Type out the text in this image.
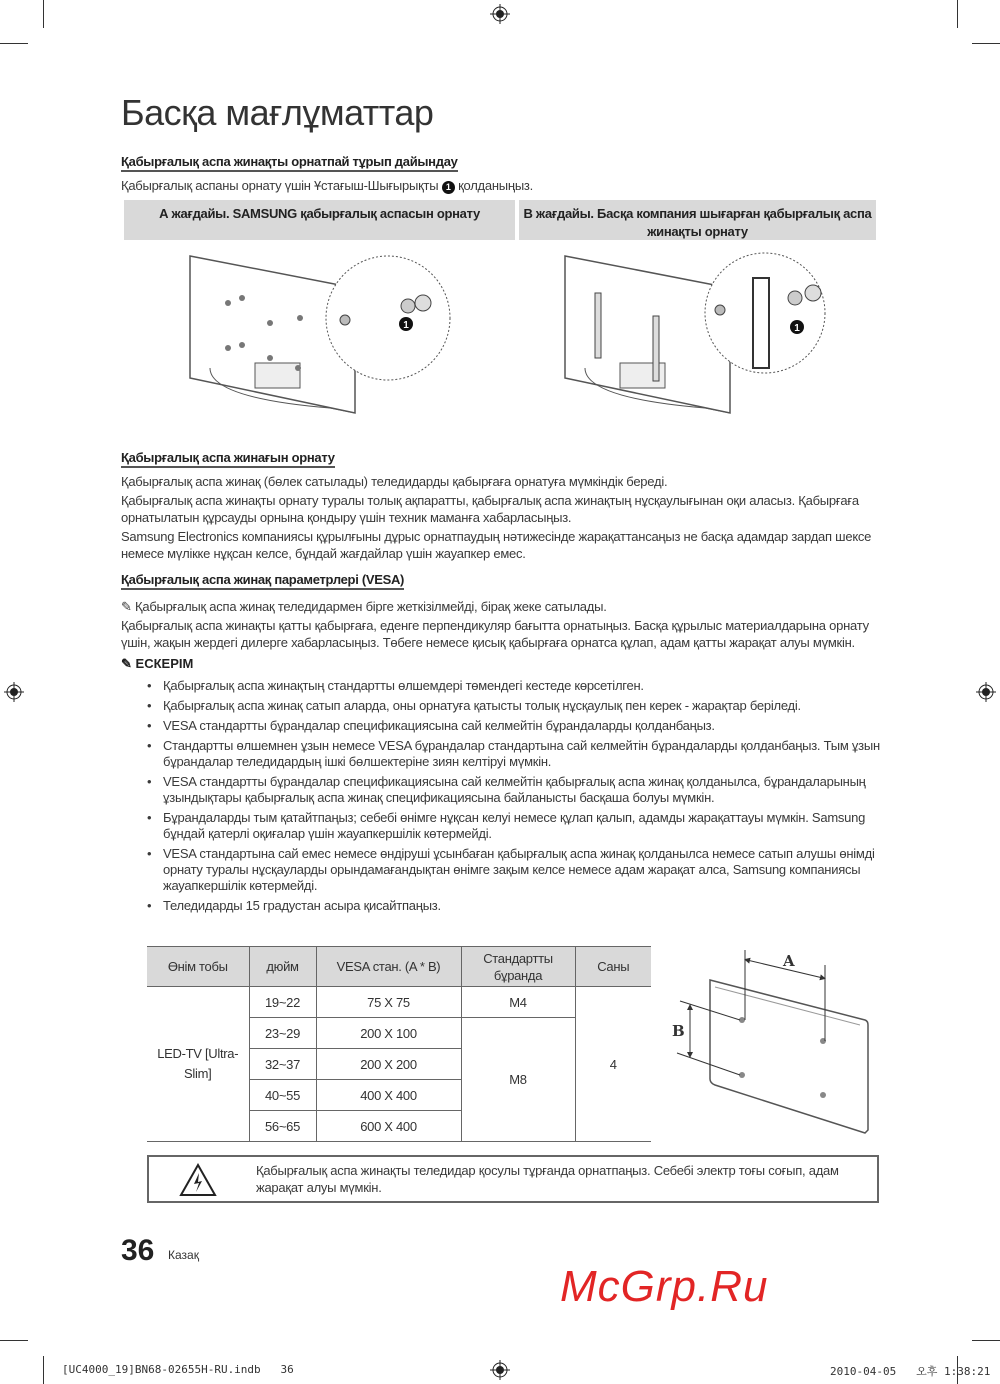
Басқа мағлұматтар
Қабырғалық аспа жинақты орнатпай тұрып дайындау
Қабырғалық аспаны орнату үшін Ұстағыш-Шығырықты 1 қолданыңыз.
А жағдайы. SAMSUNG қабырғалық аспасын орнату	В жағдайы. Басқа компания шығарған қабырғалық аспа жинақты орнату
1	1
Қабырғалық аспа жинағын орнату
Қабырғалық аспа жинақ (бөлек сатылады) теледидарды қабырғаға орнатуға мүмкіндік береді.
Қабырғалық аспа жинақты орнату туралы толық ақпаратты, қабырғалық аспа жинақтың нұсқаулығынан оқи аласыз. Қабырғаға орнатылатын құрсауды орнына қондыру үшін техник маманға хабарласыңыз.
Samsung Electronics компаниясы құрылғыны дұрыс орнатпаудың нәтижесінде жарақаттансаңыз не басқа адамдар зардап шексе немесе мүлікке нұқсан келсе, бұндай жағдайлар үшін жауапкер емес.
Қабырғалық аспа жинақ параметрлері (VESA)
✎ Қабырғалық аспа жинақ теледидармен бірге жеткізілмейді, бірақ жеке сатылады.
Қабырғалық аспа жинақты қатты қабырғаға, еденге перпендикуляр бағытта орнатыңыз. Басқа құрылыс материалдарына орнату үшін, жақын жердегі дилерге хабарласыңыз. Төбеге немесе қисық қабырғаға орнатса құлап, адам қатты жарақат алуы мүмкін.
✎ ЕСКЕРІМ
• Қабырғалық аспа жинақтың стандартты өлшемдері төмендегі кестеде көрсетілген.
• Қабырғалық аспа жинақ сатып аларда, оны орнатуға қатысты толық нұсқаулық пен керек - жарақтар беріледі.
• VESA стандартты бұрандалар спецификациясына сай келмейтін бұрандаларды қолданбаңыз.
• Стандартты өлшемнен ұзын немесе VESA бұрандалар стандартына сай келмейтін бұрандаларды қолданбаңыз. Тым ұзын бұрандалар теледидардың ішкі бөлшектеріне зиян келтіруі мүмкін.
• VESA стандартты бұрандалар спецификациясына сай келмейтін қабырғалық аспа жинақ қолданылса, бұрандаларының ұзындықтары қабырғалық аспа жинақ спецификациясына байланысты басқаша болуы мүмкін.
• Бұрандаларды тым қатайтпаңыз; себебі өнімге нұқсан келуі немесе құлап қалып, адамды жарақаттауы мүмкін. Samsung бұндай қатерлі оқиғалар үшін жауапкершілік көтермейді.
• VESA стандартына сай емес немесе өндіруші ұсынбаған қабырғалық аспа жинақ қолданылса немесе сатып алушы өнімді орнату туралы нұсқауларды орындамағандықтан өнімге зақым келсе немесе адам жарақат алса, Samsung компаниясы жауапкершілік көтермейді.
• Теледидарды 15 градустан асыра қисайтпаңыз.
McGrp.Ru
Өнім тобы	дюйм	VESA стан. (A * B)	Стандартты бұранда	Саны
LED-TV [Ultra-Slim]	19~22	75 X 75	M4	4
	23~29	200 X 100	M8	
	32~37	200 X 200		
	40~55	400 X 400		
	56~65	600 X 400		
A
B
Қабырғалық аспа жинақты теледидар қосулы тұрғанда орнатпаңыз. Себебі электр тоғы соғып, адам жарақат алуы мүмкін.
36 Казақ
[UC4000_19]BN68-02655H-RU.indb   36	2010-04-05   오후 1:38:21
